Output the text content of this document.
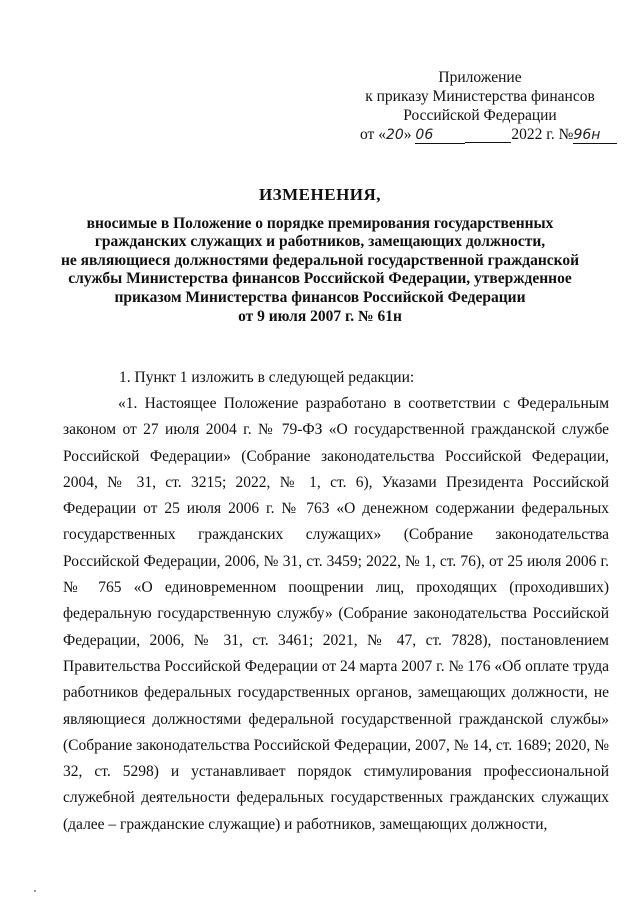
Приложение
к приказу Министерства финансов
Российской Федерации
от «20» 06	2022 г. №96н
ИЗМЕНЕНИЯ,
вносимые в Положение о порядке премирования государственных
гражданских служащих и работников, замещающих должности,
не являющиеся должностями федеральной государственной гражданской
службы Министерства финансов Российской Федерации, утвержденное
приказом Министерства финансов Российской Федерации
от 9 июля 2007 г. № 61н

1. Пункт 1 изложить в следующей редакции:

«1. Настоящее Положение разработано в соответствии с Федеральным законом от 27 июля 2004 г. № 79-ФЗ «О государственной гражданской службе Российской Федерации» (Собрание законодательства Российской Федерации, 2004, № 31, ст. 3215; 2022, № 1, ст. 6), Указами Президента Российской Федерации от 25 июля 2006 г. № 763 «О денежном содержании федеральных государственных гражданских служащих» (Собрание законодательства Российской Федерации, 2006, № 31, ст. 3459; 2022, № 1, ст. 76), от 25 июля 2006 г. № 765 «О единовременном поощрении лиц, проходящих (проходивших) федеральную государственную службу» (Собрание законодательства Российской Федерации, 2006, № 31, ст. 3461; 2021, № 47, ст. 7828), постановлением Правительства Российской Федерации от 24 марта 2007 г. № 176 «Об оплате труда работников федеральных государственных органов, замещающих должности, не являющиеся должностями федеральной государственной гражданской службы» (Собрание законодательства Российской Федерации, 2007, № 14, ст. 1689; 2020, № 32, ст. 5298) и устанавливает порядок стимулирования профессиональной служебной деятельности федеральных государственных гражданских служащих (далее – гражданские служащие) и работников, замещающих должности,
